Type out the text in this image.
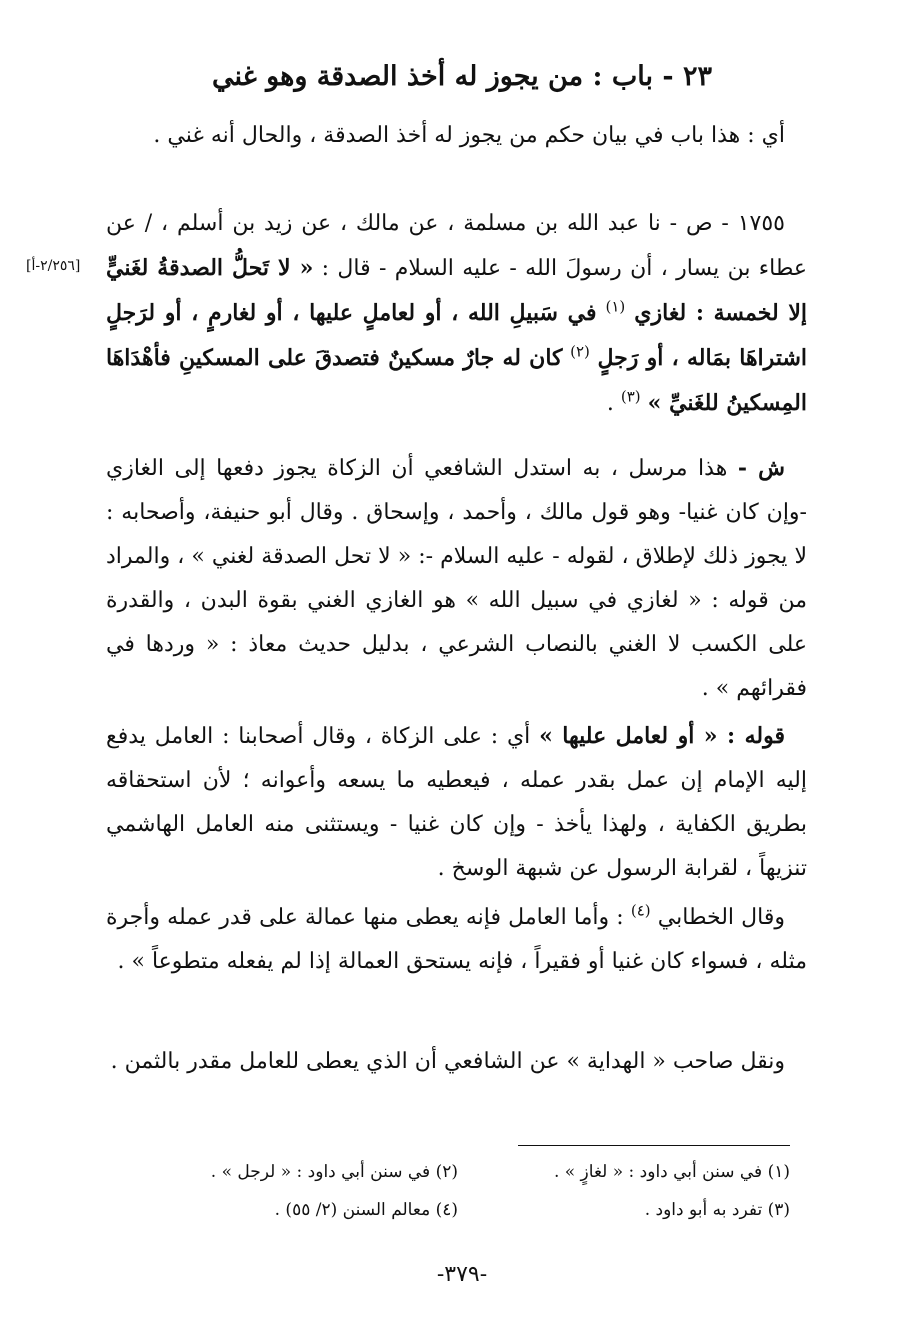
٢٣ - باب : من يجوز له أخذ الصدقة وهو غني

أي : هذا باب في بيان حكم من يجوز له أخذ الصدقة ، والحال أنه غني .

١٧٥٥ - ص - نا عبد الله بن مسلمة ، عن مالك ، عن زيد بن أسلم ، / عن عطاء بن يسار ، أن رسولَ الله - عليه السلام - قال : « لا تَحلُّ الصدقةُ لغَنيٍّ إلا لخمسة : لغازي $^{(١)}$ في سَبيلِ الله ، أو لعاملٍ عليها ، أو لغارمٍ ، أو لرَجلٍ اشتراهَا بمَاله ، أو رَجلٍ $^{(٢)}$ كان له جارٌ مسكينٌ فتصدقَ على المسكينِ فأهْدَاهَا المِسكينُ للغَنيِّ » $^{(٣)}$ .

[٢/٢٥٦-أ]

ش - هذا مرسل ، به استدل الشافعي أن الزكاة يجوز دفعها إلى الغازي -وإن كان غنيا- وهو قول مالك ، وأحمد ، وإسحاق . وقال أبو حنيفة، وأصحابه : لا يجوز ذلك لإطلاق ، لقوله - عليه السلام -: « لا تحل الصدقة لغني » ، والمراد من قوله : « لغازي في سبيل الله » هو الغازي الغني بقوة البدن ، والقدرة على الكسب لا الغني بالنصاب الشرعي ، بدليل حديث معاذ : « وردها في فقرائهم » .

قوله : « أو لعامل عليها » أي : على الزكاة ، وقال أصحابنا : العامل يدفع إليه الإمام إن عمل بقدر عمله ، فيعطيه ما يسعه وأعوانه ؛ لأن استحقاقه بطريق الكفاية ، ولهذا يأخذ - وإن كان غنيا - ويستثنى منه العامل الهاشمي تنزيهاً ، لقرابة الرسول عن شبهة الوسخ .

وقال الخطابي $^{(٤)}$ : وأما العامل فإنه يعطى منها عمالة على قدر عمله وأجرة مثله ، فسواء كان غنيا أو فقيراً ، فإنه يستحق العمالة إذا لم يفعله متطوعاً » .

ونقل صاحب « الهداية » عن الشافعي أن الذي يعطى للعامل مقدر بالثمن .

(١) في سنن أبي داود : « لغازٍ » .
(٢) في سنن أبي داود : « لرجل » .
(٣) تفرد به أبو داود .
(٤) معالم السنن (٢/ ٥٥) .
-٣٧٩-
